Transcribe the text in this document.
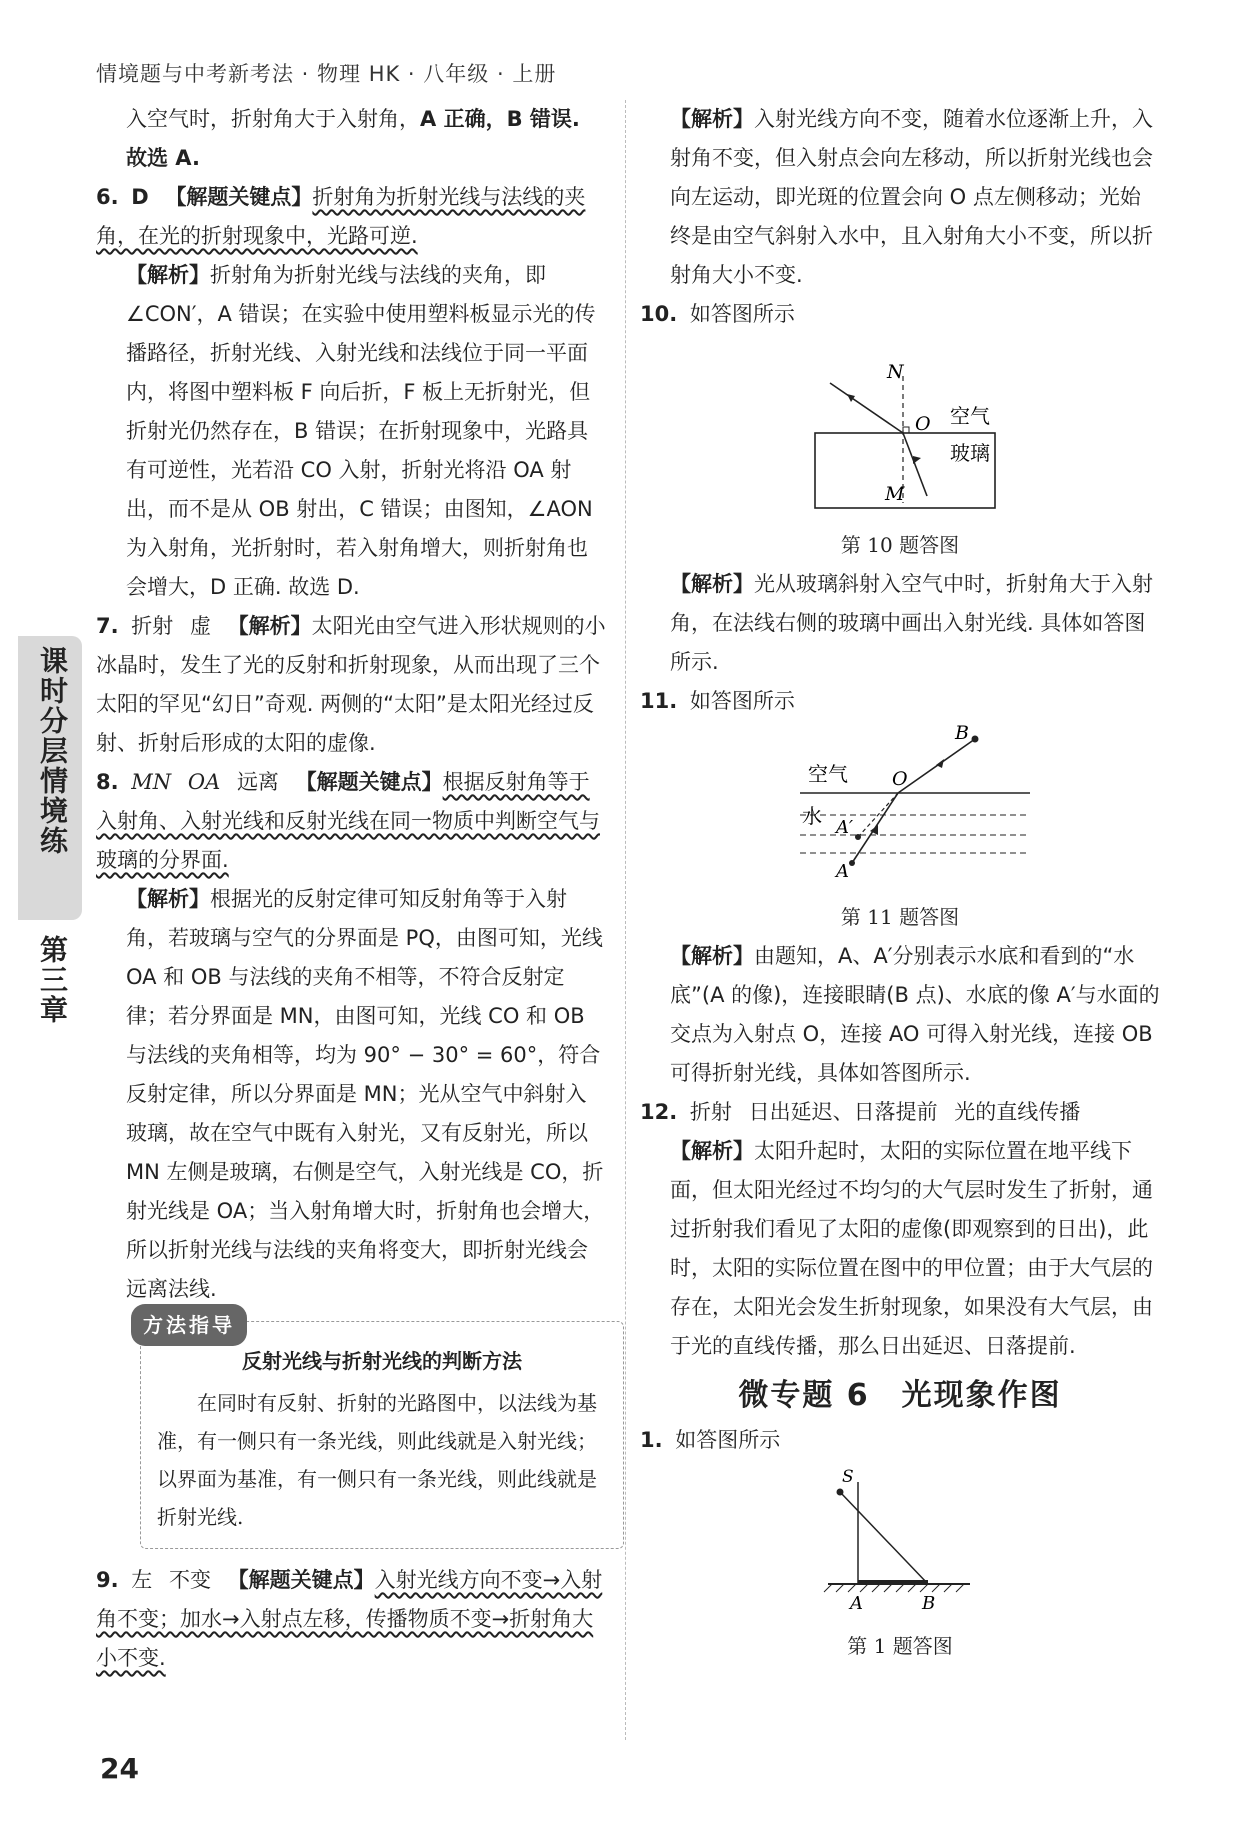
情境题与中考新考法 · 物理 HK · 八年级 · 上册
课时分层情境练
第三章
入空气时，折射角大于入射角，A 正确，B 错误.
故选 A.
6. D 【解题关键点】折射角为折射光线与法线的夹角，在光的折射现象中，光路可逆.
【解析】折射角为折射光线与法线的夹角，即∠CON′，A 错误；在实验中使用塑料板显示光的传播路径，折射光线、入射光线和法线位于同一平面内，将图中塑料板 F 向后折，F 板上无折射光，但折射光仍然存在，B 错误；在折射现象中，光路具有可逆性，光若沿 CO 入射，折射光将沿 OA 射出，而不是从 OB 射出，C 错误；由图知，∠AON 为入射角，光折射时，若入射角增大，则折射角也会增大，D 正确. 故选 D.
7. 折射 虚 【解析】太阳光由空气进入形状规则的小冰晶时，发生了光的反射和折射现象，从而出现了三个太阳的罕见“幻日”奇观. 两侧的“太阳”是太阳光经过反射、折射后形成的太阳的虚像.
8. MN OA 远离 【解题关键点】根据反射角等于入射角、入射光线和反射光线在同一物质中判断空气与玻璃的分界面.
【解析】根据光的反射定律可知反射角等于入射角，若玻璃与空气的分界面是 PQ，由图可知，光线 OA 和 OB 与法线的夹角不相等，不符合反射定律；若分界面是 MN，由图可知，光线 CO 和 OB 与法线的夹角相等，均为 90° − 30° = 60°，符合反射定律，所以分界面是 MN；光从空气中斜射入玻璃，故在空气中既有入射光，又有反射光，所以 MN 左侧是玻璃，右侧是空气，入射光线是 CO，折射光线是 OA；当入射角增大时，折射角也会增大，所以折射光线与法线的夹角将变大，即折射光线会远离法线.
方法指导
反射光线与折射光线的判断方法
在同时有反射、折射的光路图中，以法线为基准，有一侧只有一条光线，则此线就是入射光线；以界面为基准，有一侧只有一条光线，则此线就是折射光线.
9. 左 不变 【解题关键点】入射光线方向不变→入射角不变；加水→入射点左移，传播物质不变→折射角大小不变.
【解析】入射光线方向不变，随着水位逐渐上升，入射角不变，但入射点会向左移动，所以折射光线也会向左运动，即光斑的位置会向 O 点左侧移动；光始终是由空气斜射入水中，且入射角大小不变，所以折射角大小不变.
10. 如答图所示
N
O
M
空气
玻璃
第 10 题答图
【解析】光从玻璃斜射入空气中时，折射角大于入射角，在法线右侧的玻璃中画出入射光线. 具体如答图所示.
11. 如答图所示
B
O
A′
A
空气
水
第 11 题答图
【解析】由题知，A、A′分别表示水底和看到的“水底”(A 的像)，连接眼睛(B 点)、水底的像 A′与水面的交点为入射点 O，连接 AO 可得入射光线，连接 OB 可得折射光线，具体如答图所示.
12. 折射 日出延迟、日落提前 光的直线传播
【解析】太阳升起时，太阳的实际位置在地平线下面，但太阳光经过不均匀的大气层时发生了折射，通过折射我们看见了太阳的虚像(即观察到的日出)，此时，太阳的实际位置在图中的甲位置；由于大气层的存在，太阳光会发生折射现象，如果没有大气层，由于光的直线传播，那么日出延迟、日落提前.
微专题 6　光现象作图
1. 如答图所示
S
A	B
第 1 题答图
24
